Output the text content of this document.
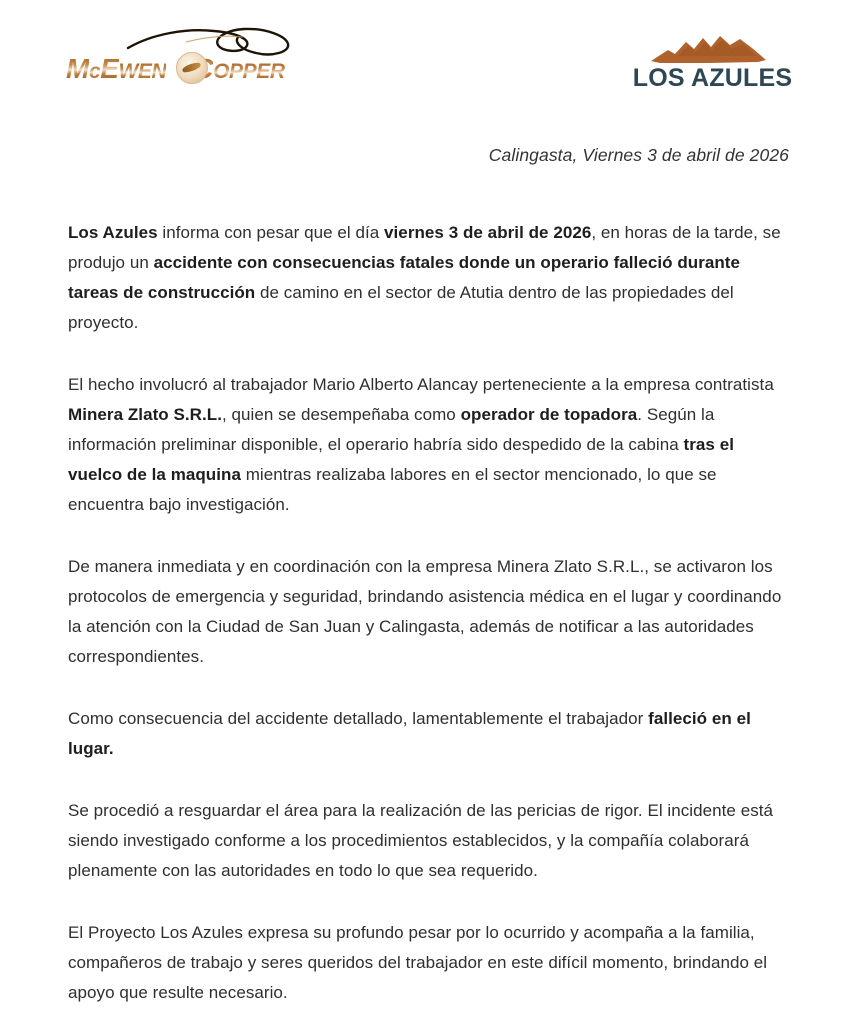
McEWEN OPPER	LOS AZULES
Calingasta, Viernes 3 de abril de 2026

Los Azules informa con pesar que el día viernes 3 de abril de 2026, en horas de la tarde, se produjo un accidente con consecuencias fatales donde un operario falleció durante tareas de construcción de camino en el sector de Atutia dentro de las propiedades del proyecto.

El hecho involucró al trabajador Mario Alberto Alancay perteneciente a la empresa contratista Minera Zlato S.R.L., quien se desempeñaba como operador de topadora. Según la información preliminar disponible, el operario habría sido despedido de la cabina tras el vuelco de la maquina mientras realizaba labores en el sector mencionado, lo que se encuentra bajo investigación.

De manera inmediata y en coordinación con la empresa Minera Zlato S.R.L., se activaron los protocolos de emergencia y seguridad, brindando asistencia médica en el lugar y coordinando la atención con la Ciudad de San Juan y Calingasta, además de notificar a las autoridades correspondientes.

Como consecuencia del accidente detallado, lamentablemente el trabajador falleció en el lugar.

Se procedió a resguardar el área para la realización de las pericias de rigor. El incidente está siendo investigado conforme a los procedimientos establecidos, y la compañía colaborará plenamente con las autoridades en todo lo que sea requerido.

El Proyecto Los Azules expresa su profundo pesar por lo ocurrido y acompaña a la familia, compañeros de trabajo y seres queridos del trabajador en este difícil momento, brindando el apoyo que resulte necesario.
